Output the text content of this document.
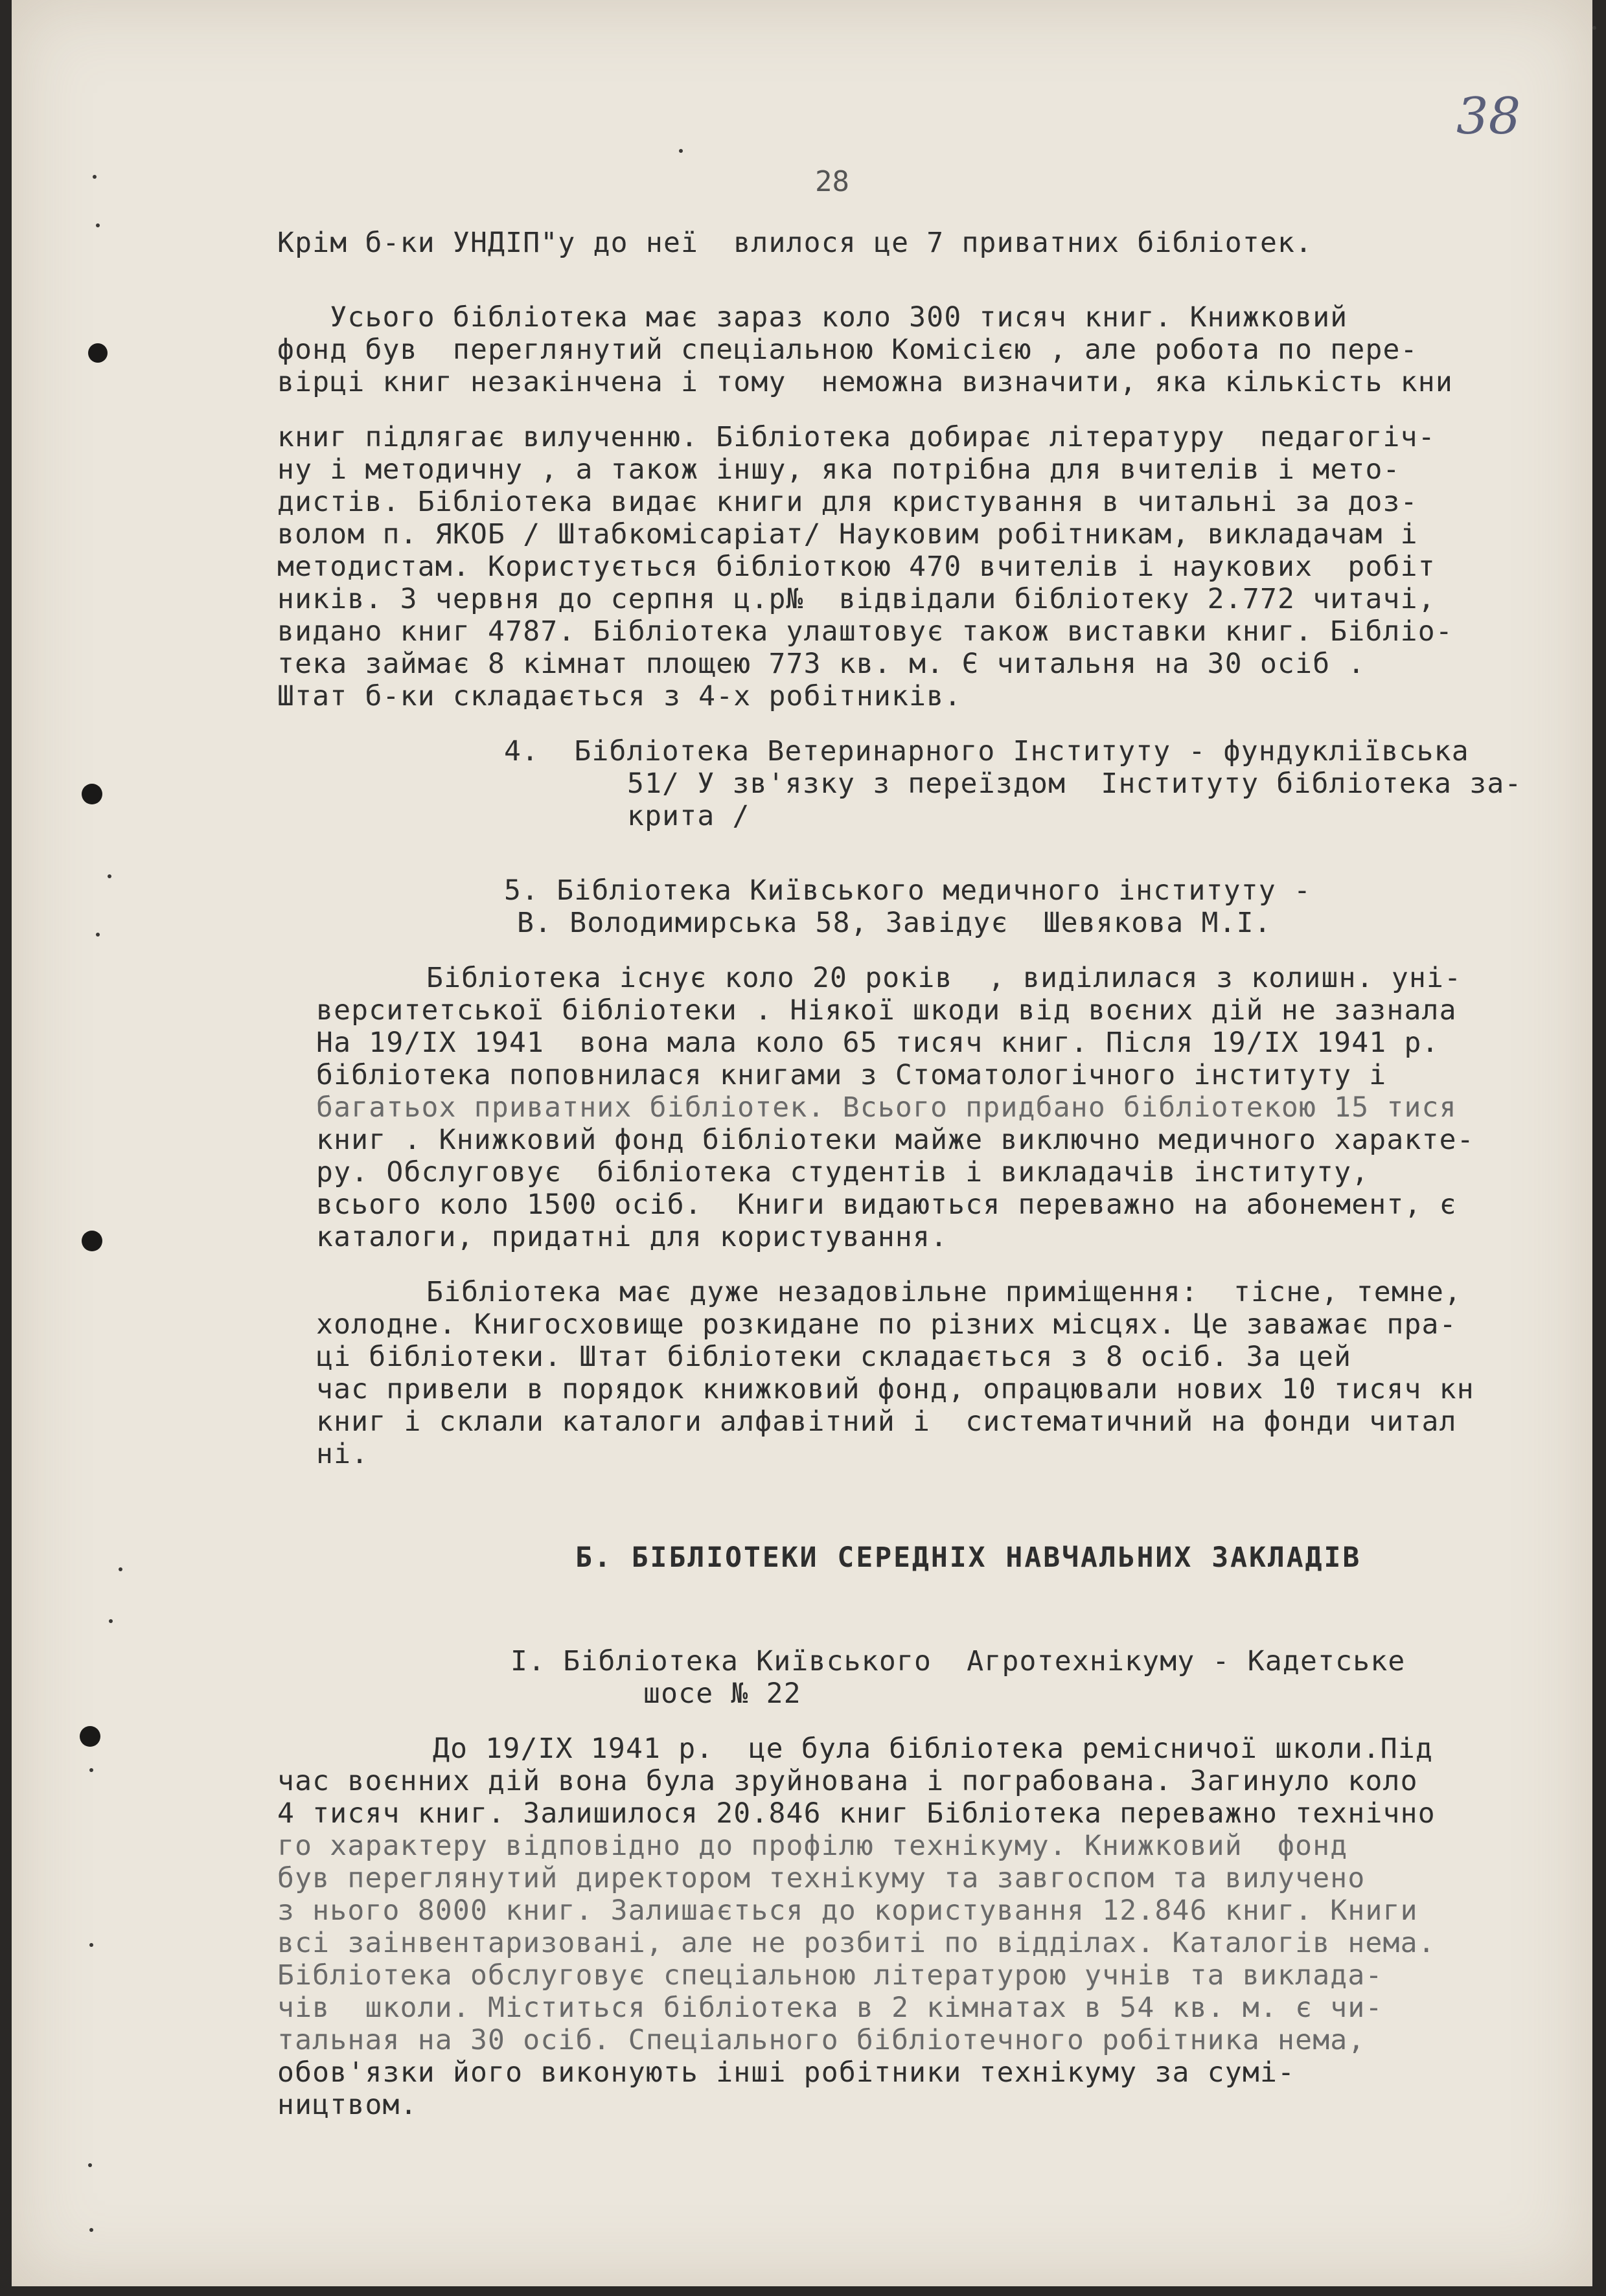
38
28
Крім б-ки УНДІП"у до неї  влилося це 7 приватних бібліотек.
Усього бібліотека має зараз коло 300 тисяч книг. Книжковий
фонд був  переглянутий спеціальною Комісією , але робота по пере-
вірці книг незакінчена і тому  неможна визначити, яка кількість кни
книг підлягає вилученню. Бібліотека добирає літературу  педагогіч-
ну і методичну , а також іншу, яка потрібна для вчителів і мето-
дистів. Бібліотека видає книги для кристування в читальні за доз-
волом п. ЯКОБ / Штабкомісаріат/ Науковим робітникам, викладачам і
методистам. Користується бібліоткою 470 вчителів і наукових  робіт
ників. З червня до серпня ц.р№  відвідали бібліотеку 2.772 читачі,
видано книг 4787. Бібліотека улаштовує також виставки книг. Бібліо-
тека займає 8 кімнат площею 773 кв. м. Є читальня на 30 осіб .
Штат б-ки складається з 4-х робітників.
4.  Бібліотека Ветеринарного Інституту - фундукліївська
51/ У зв'язку з переїздом  Інституту бібліотека за-
крита /
5. Бібліотека Київського медичного інституту -
В. Володимирська 58, Завідує  Шевякова М.І.
Бібліотека існує коло 20 років  , виділилася з колишн. уні-
верситетської бібліотеки . Ніякої шкоди від воєних дій не зазнала
На 19/ІХ 1941  вона мала коло 65 тисяч книг. Після 19/ІХ 1941 р.
бібліотека поповнилася книгами з Стоматологічного інституту і
багатьох приватних бібліотек. Всього придбано бібліотекою 15 тися
книг . Книжковий фонд бібліотеки майже виключно медичного характе-
ру. Обслуговує  бібліотека студентів і викладачів інституту,
всього коло 1500 осіб.  Книги видаються переважно на абонемент, є
каталоги, придатні для користування.
Бібліотека має дуже незадовільне приміщення:  тісне, темне,
холодне. Книгосховище розкидане по різних місцях. Це заважає пра-
ці бібліотеки. Штат бібліотеки складається з 8 осіб. За цей
час привели в порядок книжковий фонд, опрацювали нових 10 тисяч кн
книг і склали каталоги алфавітний і  систематичний на фонди читал
ні.
Б. БІБЛІОТЕКИ СЕРЕДНІХ НАВЧАЛЬНИХ ЗАКЛАДІВ
І. Бібліотека Київського  Агротехнікуму - Кадетське
шосе № 22
До 19/ІХ 1941 р.  це була бібліотека ремісничої школи.Під
час воєнних дій вона була зруйнована і пограбована. Загинуло коло
4 тисяч книг. Залишилося 20.846 книг Бібліотека переважно технічно
го характеру відповідно до профілю технікуму. Книжковий  фонд
був переглянутий директором технікуму та завгоспом та вилучено
з нього 8000 книг. Залишається до користування 12.846 книг. Книги
всі заінвентаризовані, але не розбиті по відділах. Каталогів нема.
Бібліотека обслуговує спеціальною літературою учнів та виклада-
чів  школи. Міститься бібліотека в 2 кімнатах в 54 кв. м. є чи-
тальная на 30 осіб. Спеціального бібліотечного робітника нема,
обов'язки його виконують інші робітники технікуму за сумі-
ництвом.
